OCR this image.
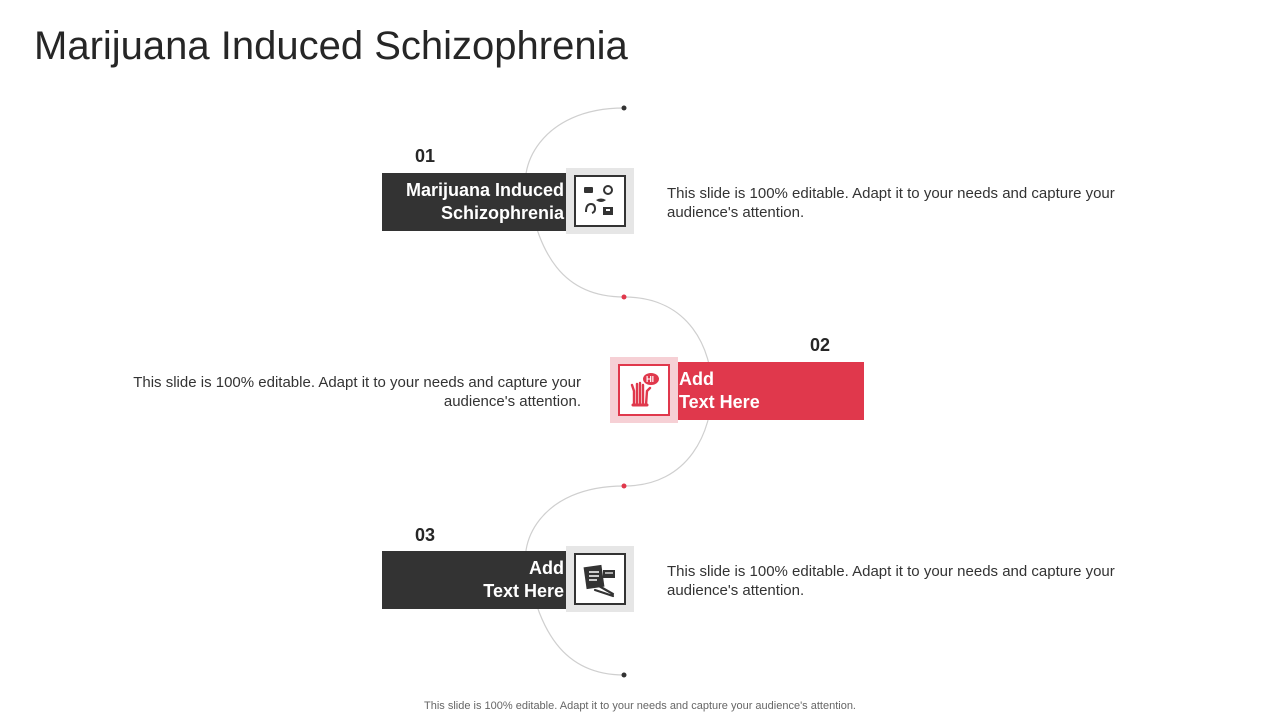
Marijuana Induced Schizophrenia
01
Marijuana Induced
Schizophrenia
This slide is 100% editable. Adapt it to your needs and capture your audience's attention.
02
Add
Text Here
HI
This slide is 100% editable. Adapt it to your needs and capture your audience's attention.
03
Add
Text Here
This slide is 100% editable. Adapt it to your needs and capture your audience's attention.
This slide is 100% editable. Adapt it to your needs and capture your audience's attention.
